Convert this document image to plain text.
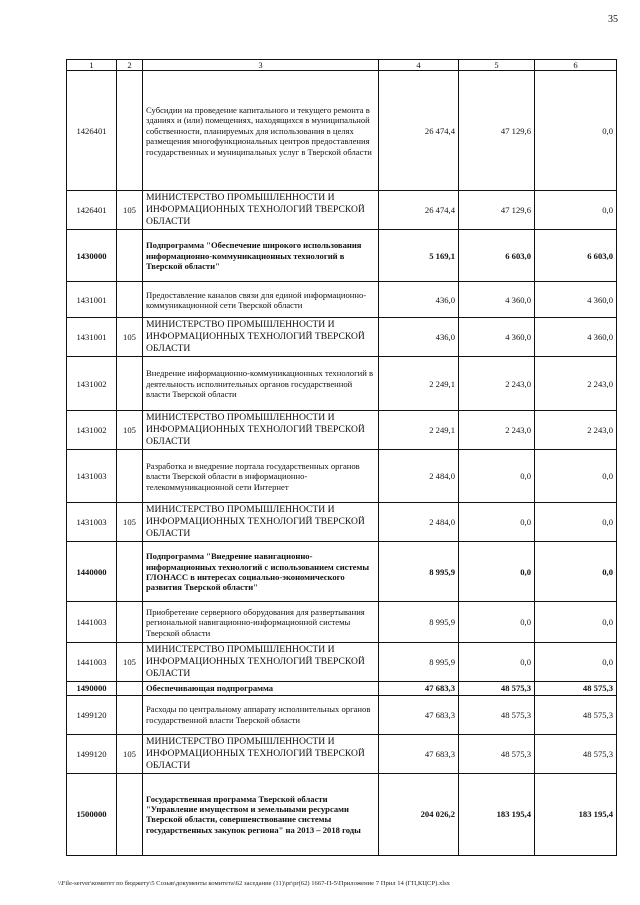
35
1	2	3	4	5	6
1426401		Субсидии на проведение капитального и текущего ремонта в зданиях и (или) помещениях, находящихся в муниципальной собственности, планируемых для использования в целях размещения многофункциональных центров предоставления государственных и муниципальных услуг в Тверской области	26 474,4	47 129,6	0,0
1426401	105	МИНИСТЕРСТВО ПРОМЫШЛЕННОСТИ И ИНФОРМАЦИОННЫХ ТЕХНОЛОГИЙ ТВЕРСКОЙ ОБЛАСТИ	26 474,4	47 129,6	0,0
1430000		Подпрограмма "Обеспечение широкого использования информационно-коммуникационных технологий в Тверской области"	5 169,1	6 603,0	6 603,0
1431001		Предоставление каналов связи для единой информационно-коммуникационной сети Тверской области	436,0	4 360,0	4 360,0
1431001	105	МИНИСТЕРСТВО ПРОМЫШЛЕННОСТИ И ИНФОРМАЦИОННЫХ ТЕХНОЛОГИЙ ТВЕРСКОЙ ОБЛАСТИ	436,0	4 360,0	4 360,0
1431002		Внедрение информационно-коммуникационных технологий в деятельность исполнительных органов государственной власти Тверской области	2 249,1	2 243,0	2 243,0
1431002	105	МИНИСТЕРСТВО ПРОМЫШЛЕННОСТИ И ИНФОРМАЦИОННЫХ ТЕХНОЛОГИЙ ТВЕРСКОЙ ОБЛАСТИ	2 249,1	2 243,0	2 243,0
1431003		Разработка и внедрение портала государственных органов власти Тверской области в информационно-телекоммуникационной сети Интернет	2 484,0	0,0	0,0
1431003	105	МИНИСТЕРСТВО ПРОМЫШЛЕННОСТИ И ИНФОРМАЦИОННЫХ ТЕХНОЛОГИЙ ТВЕРСКОЙ ОБЛАСТИ	2 484,0	0,0	0,0
1440000		Подпрограмма "Внедрение навигационно-информационных технологий с использованием системы ГЛОНАСС в интересах социально-экономического развития Тверской области"	8 995,9	0,0	0,0
1441003		Приобретение серверного оборудования для развертывания региональной навигационно-информационной системы Тверской области	8 995,9	0,0	0,0
1441003	105	МИНИСТЕРСТВО ПРОМЫШЛЕННОСТИ И ИНФОРМАЦИОННЫХ ТЕХНОЛОГИЙ ТВЕРСКОЙ ОБЛАСТИ	8 995,9	0,0	0,0
1490000		Обеспечивающая подпрограмма	47 683,3	48 575,3	48 575,3
1499120		Расходы по центральному аппарату исполнительных органов государственной власти Тверской области	47 683,3	48 575,3	48 575,3
1499120	105	МИНИСТЕРСТВО ПРОМЫШЛЕННОСТИ И ИНФОРМАЦИОННЫХ ТЕХНОЛОГИЙ ТВЕРСКОЙ ОБЛАСТИ	47 683,3	48 575,3	48 575,3
1500000		Государственная программа Тверской области "Управление имуществом и земельными ресурсами Тверской области, совершенствование системы государственных закупок региона" на 2013 – 2018 годы	204 026,2	183 195,4	183 195,4
\\File-server\комитет по бюджету\5 Созыв\документы комитета\62 заседание (11)\pr\pr(62) 1667-П-5\Приложение 7 Прил 14 (ГП,КЦСР).xlsx
